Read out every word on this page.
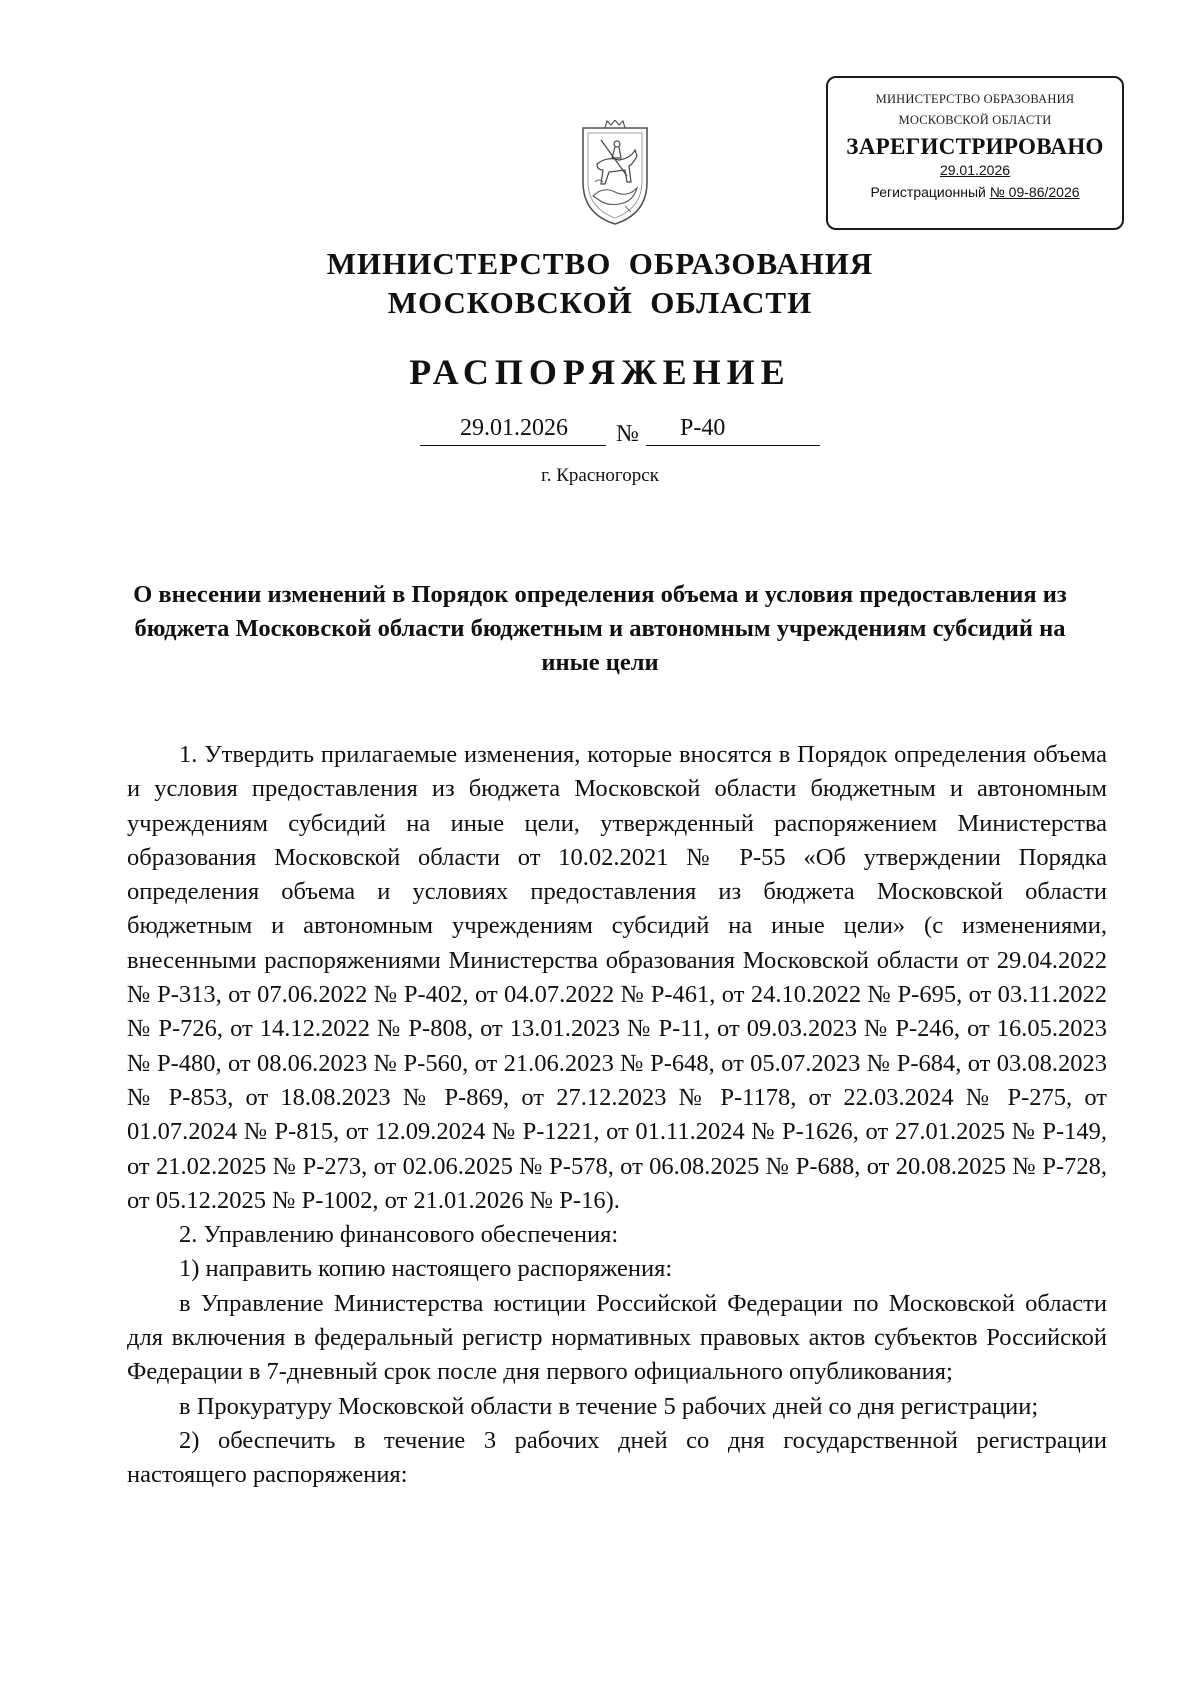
МИНИСТЕРСТВО ОБРАЗОВАНИЯ
МОСКОВСКОЙ ОБЛАСТИ
ЗАРЕГИСТРИРОВАНО
29.01.2026
Регистрационный № 09-86/2026
МИНИСТЕРСТВО  ОБРАЗОВАНИЯ
МОСКОВСКОЙ  ОБЛАСТИ
РАСПОРЯЖЕНИЕ
29.01.2026 № Р-40
г. Красногорск
О внесении изменений в Порядок определения объема и условия предоставления из бюджета Московской области бюджетным и автономным учреждениям субсидий на иные цели

1. Утвердить прилагаемые изменения, которые вносятся в Порядок определения объема и условия предоставления из бюджета Московской области бюджетным и автономным учреждениям субсидий на иные цели, утвержденный распоряжением Министерства образования Московской области от 10.02.2021 № Р-55 «Об утверждении Порядка определения объема и условиях предоставления из бюджета Московской области бюджетным и автономным учреждениям субсидий на иные цели» (с изменениями, внесенными распоряжениями Министерства образования Московской области от 29.04.2022 № Р-313, от 07.06.2022 № Р-402, от 04.07.2022 № Р-461, от 24.10.2022 № Р-695, от 03.11.2022 № Р-726, от 14.12.2022 № Р-808, от 13.01.2023 № Р-11, от 09.03.2023 № Р-246, от 16.05.2023 № Р-480, от 08.06.2023 № Р-560, от 21.06.2023 № Р-648, от 05.07.2023 № Р-684, от 03.08.2023 № Р-853, от 18.08.2023 № Р-869, от 27.12.2023 № Р-1178, от 22.03.2024 № Р-275, от 01.07.2024 № Р-815, от 12.09.2024 № Р-1221, от 01.11.2024 № Р-1626, от 27.01.2025 № Р-149, от 21.02.2025 № Р-273, от 02.06.2025 № Р-578, от 06.08.2025 № Р-688, от 20.08.2025 № Р-728, от 05.12.2025 № Р-1002, от 21.01.2026 № Р-16).

2. Управлению финансового обеспечения:

1) направить копию настоящего распоряжения:

в Управление Министерства юстиции Российской Федерации по Московской области для включения в федеральный регистр нормативных правовых актов субъектов Российской Федерации в 7-дневный срок после дня первого официального опубликования;

в Прокуратуру Московской области в течение 5 рабочих дней со дня регистрации;

2) обеспечить в течение 3 рабочих дней со дня государственной регистрации настоящего распоряжения:
